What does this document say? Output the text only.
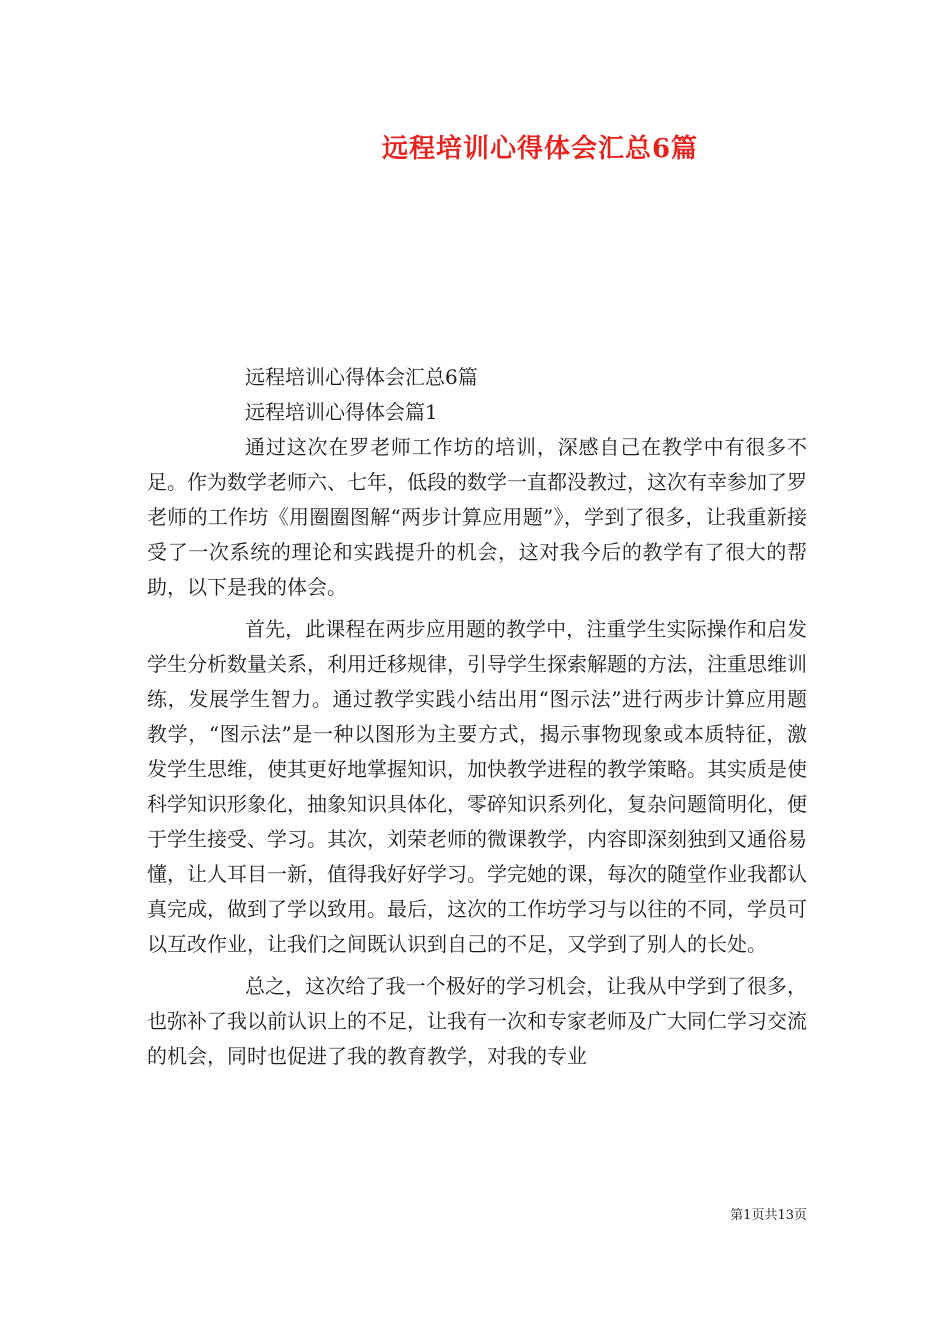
远程培训心得体会汇总6篇
远程培训心得体会汇总6篇
远程培训心得体会篇1

通过这次在罗老师工作坊的培训，深感自己在教学中有很多不足。作为数学老师六、七年，低段的数学一直都没教过，这次有幸参加了罗老师的工作坊《用圈圈图解“两步计算应用题”》，学到了很多，让我重新接受了一次系统的理论和实践提升的机会，这对我今后的教学有了很大的帮助，以下是我的体会。

首先，此课程在两步应用题的教学中，注重学生实际操作和启发学生分析数量关系，利用迁移规律，引导学生探索解题的方法，注重思维训练，发展学生智力。通过教学实践小结出用“图示法”进行两步计算应用题教学，“图示法”是一种以图形为主要方式，揭示事物现象或本质特征，激发学生思维，使其更好地掌握知识，加快教学进程的教学策略。其实质是使科学知识形象化，抽象知识具体化，零碎知识系列化，复杂问题简明化，便于学生接受、学习。其次，刘荣老师的微课教学，内容即深刻独到又通俗易懂，让人耳目一新，值得我好好学习。学完她的课，每次的随堂作业我都认真完成，做到了学以致用。最后，这次的工作坊学习与以往的不同，学员可以互改作业，让我们之间既认识到自己的不足，又学到了别人的长处。

总之，这次给了我一个极好的学习机会，让我从中学到了很多，也弥补了我以前认识上的不足，让我有一次和专家老师及广大同仁学习交流的机会，同时也促进了我的教育教学，对我的专业

第1页共13页
